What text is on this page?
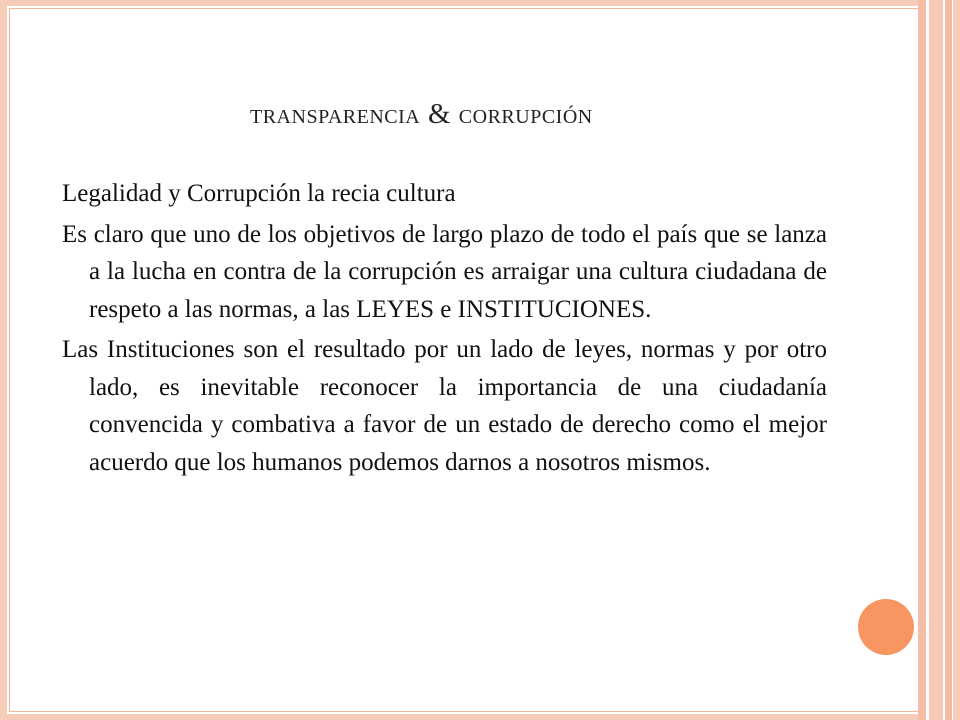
transparencia & corrupción

Legalidad y Corrupción la recia cultura

Es claro que uno de los objetivos de largo plazo de todo el país que se lanza a la lucha en contra de la corrupción es arraigar una cultura ciudadana de respeto a las normas, a las LEYES e INSTITUCIONES.

Las Instituciones son el resultado por un lado de leyes, normas y por otro lado, es inevitable reconocer la importancia de una ciudadanía convencida y combativa a favor de un estado de derecho como el mejor acuerdo que los humanos podemos darnos a nosotros mismos.
